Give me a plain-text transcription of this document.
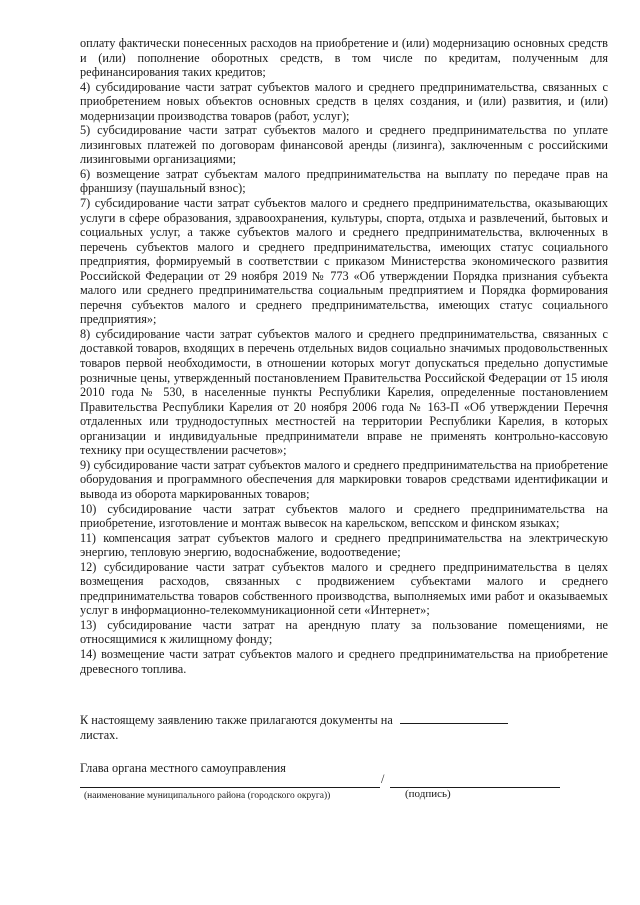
оплату фактически понесенных расходов на приобретение и (или) модернизацию основных средств и (или) пополнение оборотных средств, в том числе по кредитам, полученным для рефинансирования таких кредитов;

4) субсидирование части затрат субъектов малого и среднего предпринимательства, связанных с приобретением новых объектов основных средств в целях создания, и (или) развития, и (или) модернизации производства товаров (работ, услуг);

5) субсидирование части затрат субъектов малого и среднего предпринимательства по уплате лизинговых платежей по договорам финансовой аренды (лизинга), заключенным с российскими лизинговыми организациями;

6) возмещение затрат субъектам малого предпринимательства на выплату по передаче прав на франшизу (паушальный взнос);

7) субсидирование части затрат субъектов малого и среднего предпринимательства, оказывающих услуги в сфере образования, здравоохранения, культуры, спорта, отдыха и развлечений, бытовых и социальных услуг, а также субъектов малого и среднего предпринимательства, включенных в перечень субъектов малого и среднего предпринимательства, имеющих статус социального предприятия, формируемый в соответствии с приказом Министерства экономического развития Российской Федерации от 29 ноября 2019 № 773 «Об утверждении Порядка признания субъекта малого или среднего предпринимательства социальным предприятием и Порядка формирования перечня субъектов малого и среднего предпринимательства, имеющих статус социального предприятия»;

8) субсидирование части затрат субъектов малого и среднего предпринимательства, связанных с доставкой товаров, входящих в перечень отдельных видов социально значимых продовольственных товаров первой необходимости, в отношении которых могут допускаться предельно допустимые розничные цены, утвержденный постановлением Правительства Российской Федерации от 15 июля 2010 года № 530, в населенные пункты Республики Карелия, определенные постановлением Правительства Республики Карелия от 20 ноября 2006 года № 163-П «Об утверждении Перечня отдаленных или труднодоступных местностей на территории Республики Карелия, в которых организации и индивидуальные предприниматели вправе не применять контрольно-кассовую технику при осуществлении расчетов»;

9) субсидирование части затрат субъектов малого и среднего предпринимательства на приобретение оборудования и программного обеспечения для маркировки товаров средствами идентификации и вывода из оборота маркированных товаров;

10) субсидирование части затрат субъектов малого и среднего предпринимательства на приобретение, изготовление и монтаж вывесок на карельском, вепсском и финском языках;

11) компенсация затрат субъектов малого и среднего предпринимательства на электрическую энергию, тепловую энергию, водоснабжение, водоотведение;

12) субсидирование части затрат субъектов малого и среднего предпринимательства в целях возмещения расходов, связанных с продвижением субъектами малого и среднего предпринимательства товаров собственного производства, выполняемых ими работ и оказываемых услуг в информационно-телекоммуникационной сети «Интернет»;

13) субсидирование части затрат на арендную плату за пользование помещениями, не относящимися к жилищному фонду;

14) возмещение части затрат субъектов малого и среднего предпринимательства на приобретение древесного топлива.

К настоящему заявлению также прилагаются документы на

листах.

Глава органа местного самоуправления
/
(наименование муниципального района (городского округа))	(подпись)
